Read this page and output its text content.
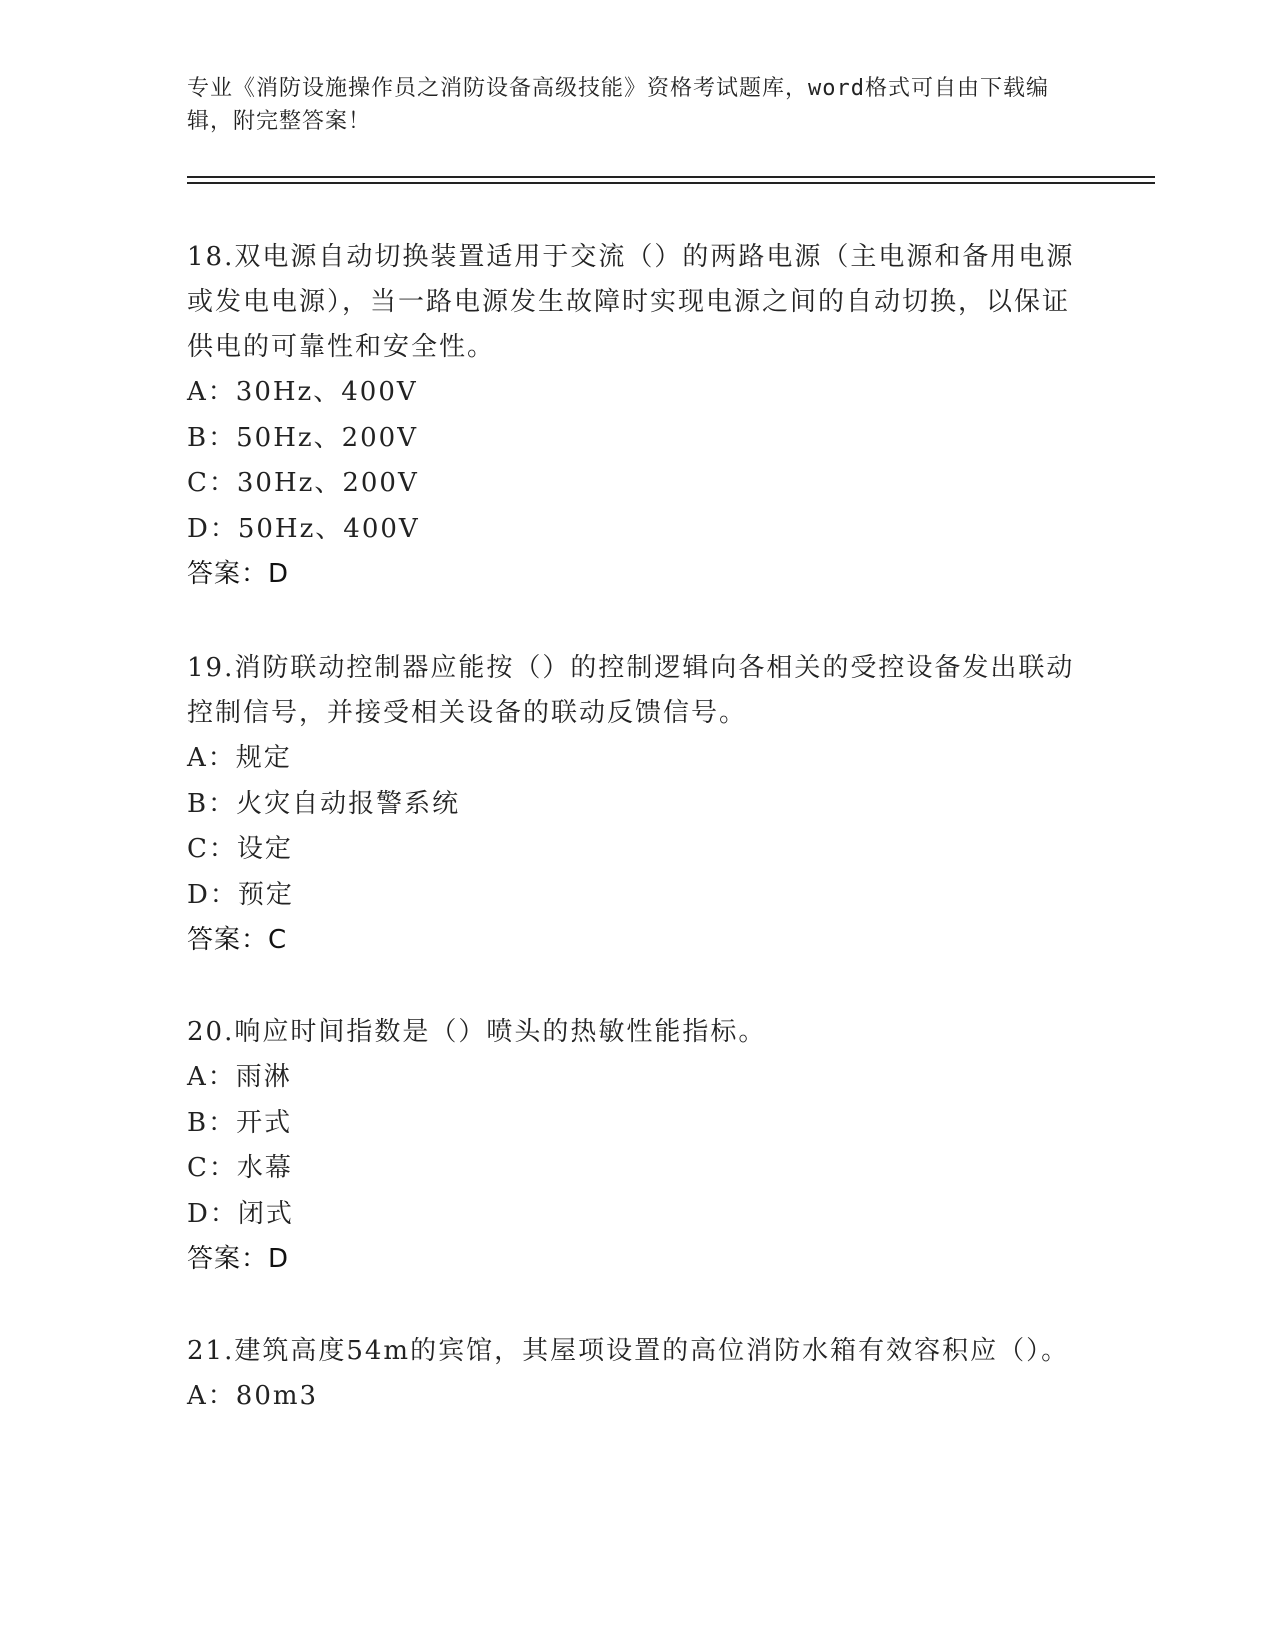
专业《消防设施操作员之消防设备高级技能》资格考试题库，word格式可自由下载编辑，附完整答案！

18.双电源自动切换装置适用于交流（）的两路电源（主电源和备用电源或发电电源），当一路电源发生故障时实现电源之间的自动切换，以保证供电的可靠性和安全性。

A：30Hz、400V
B：50Hz、200V
C：30Hz、200V
D：50Hz、400V
答案：D

19.消防联动控制器应能按（）的控制逻辑向各相关的受控设备发出联动控制信号，并接受相关设备的联动反馈信号。

A：规定
B：火灾自动报警系统
C：设定
D：预定
答案：C

20.响应时间指数是（）喷头的热敏性能指标。

A：雨淋
B：开式
C：水幕
D：闭式
答案：D

21.建筑高度54m的宾馆，其屋项设置的高位消防水箱有效容积应（）。

A：80m3
